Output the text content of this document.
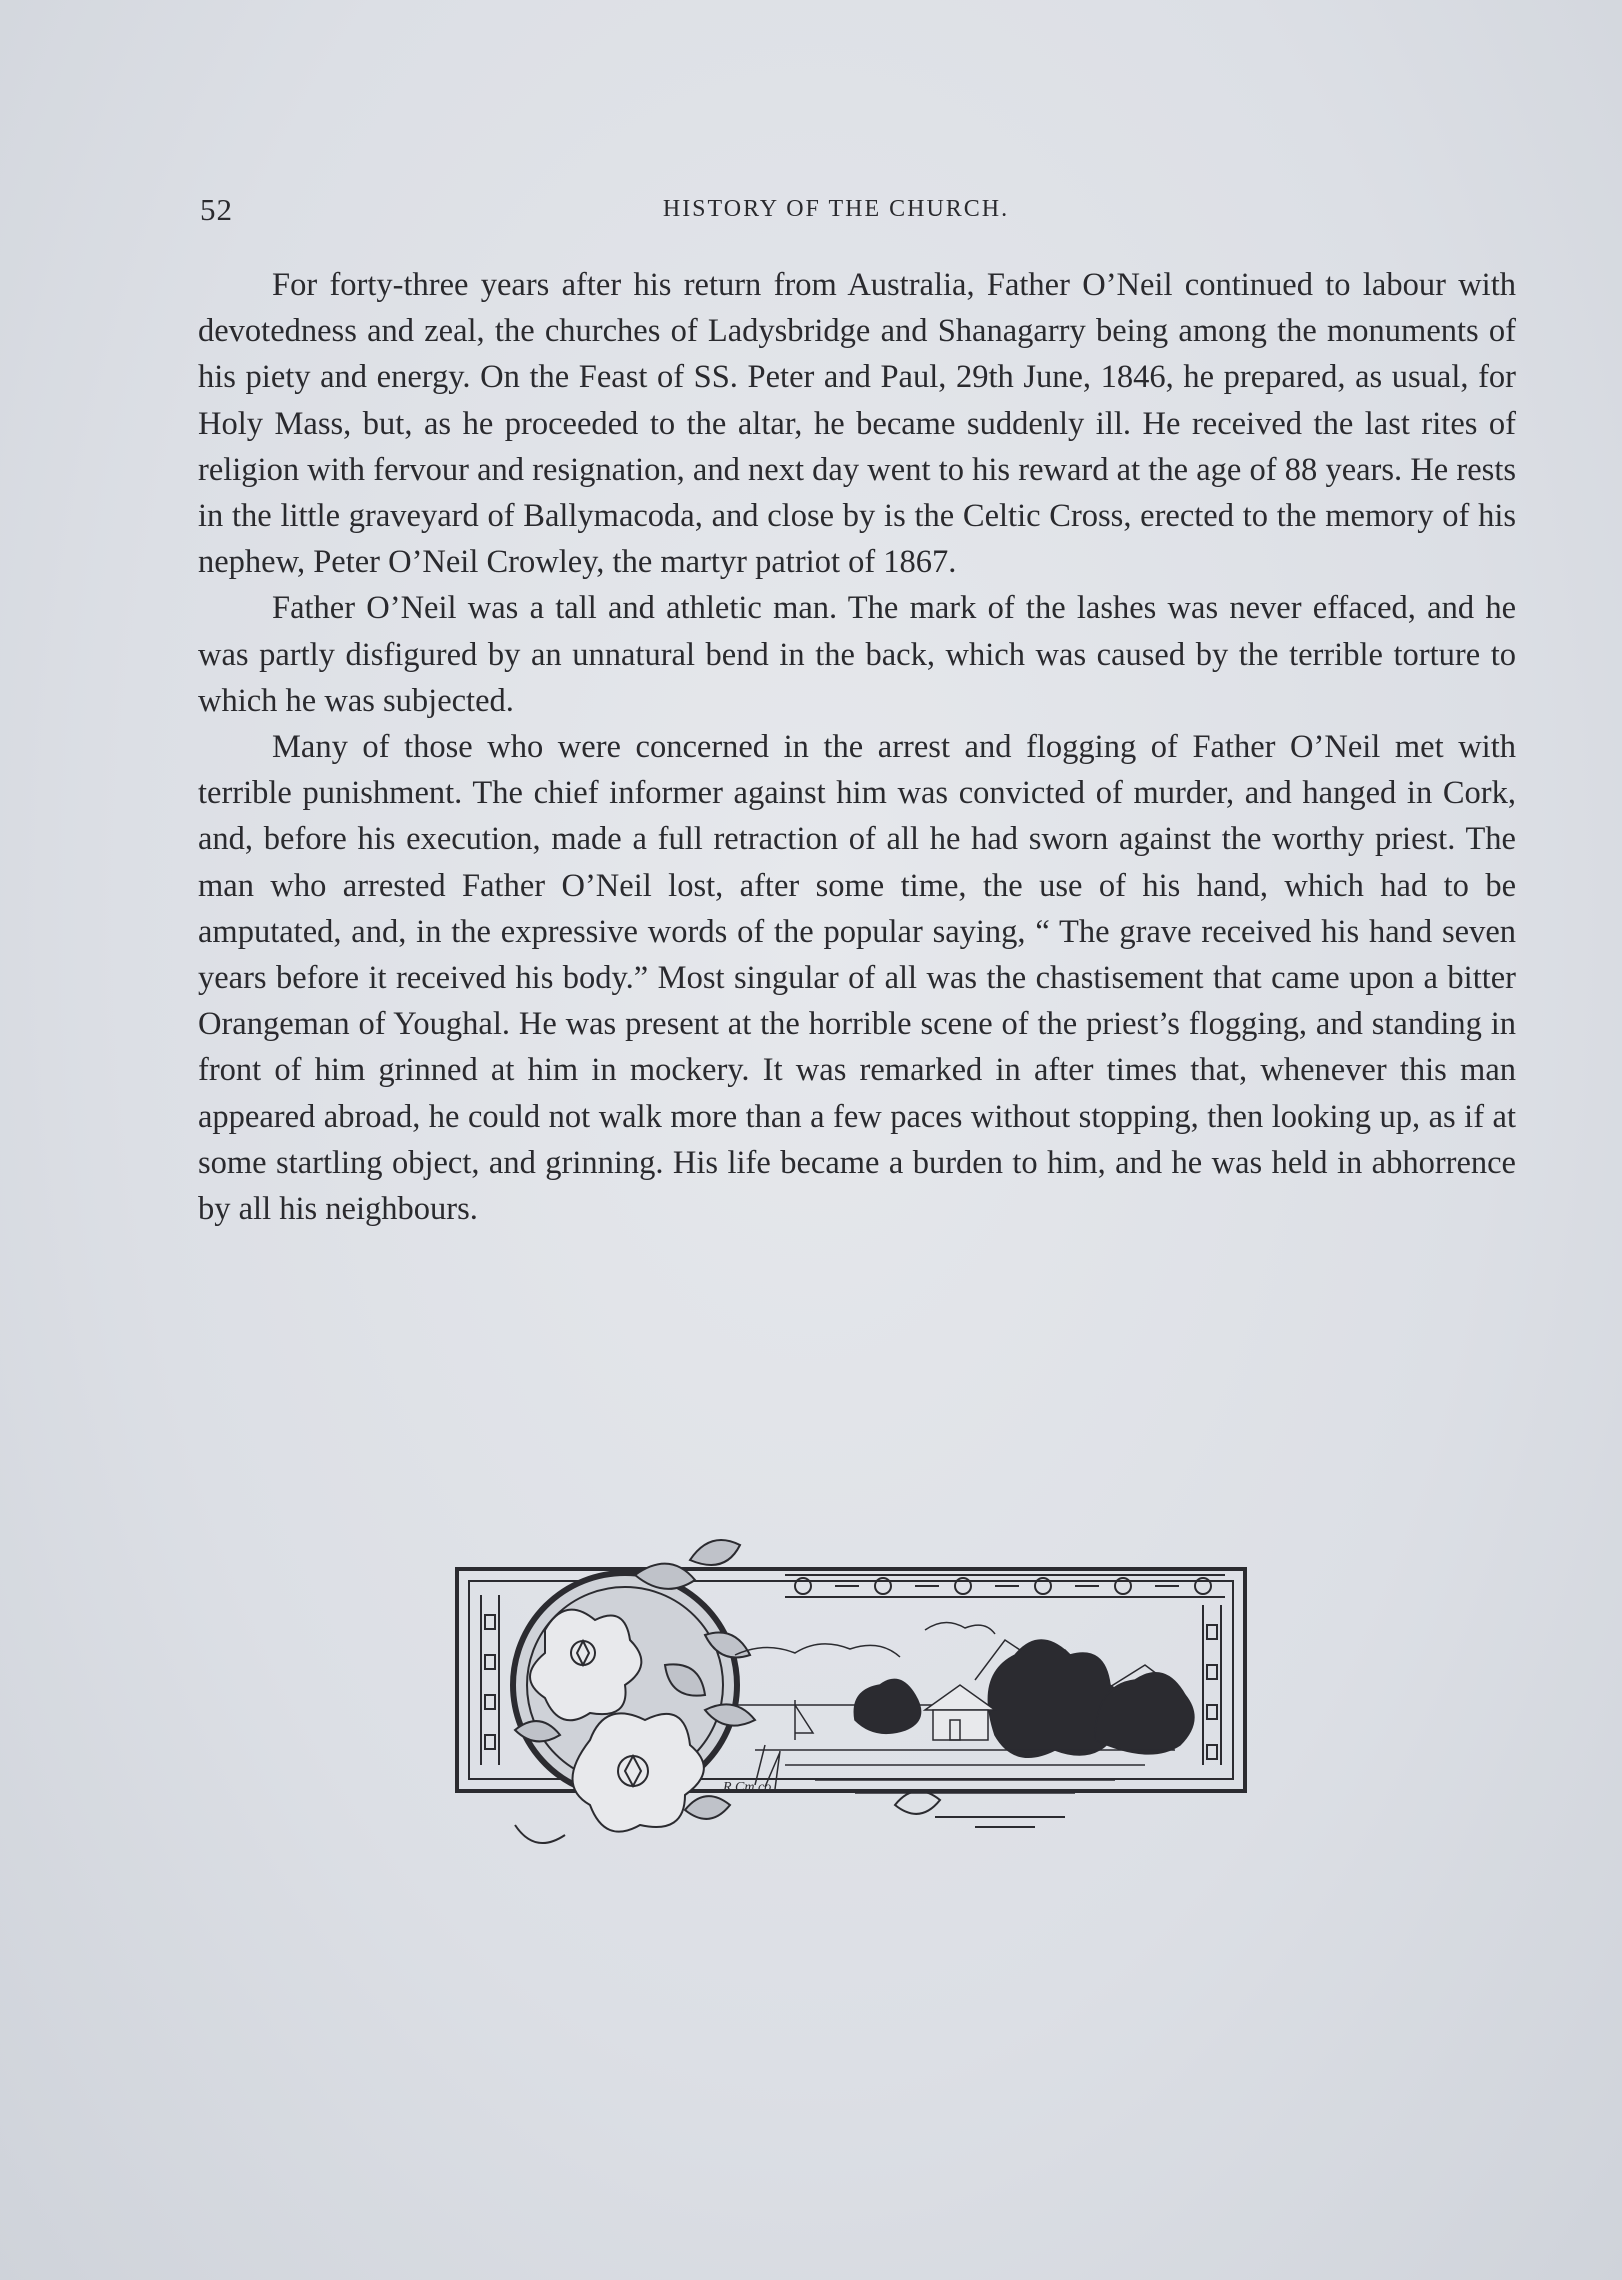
52	HISTORY OF THE CHURCH.

For forty-three years after his return from Australia, Father O’Neil continued to labour with devotedness and zeal, the churches of Ladysbridge and Shanagarry being among the monuments of his piety and energy. On the Feast of SS. Peter and Paul, 29th June, 1846, he prepared, as usual, for Holy Mass, but, as he proceeded to the altar, he became suddenly ill. He received the last rites of religion with fervour and resignation, and next day went to his reward at the age of 88 years. He rests in the little graveyard of Ballymacoda, and close by is the Celtic Cross, erected to the memory of his nephew, Peter O’Neil Crowley, the martyr patriot of 1867.

Father O’Neil was a tall and athletic man. The mark of the lashes was never effaced, and he was partly disfigured by an unnatural bend in the back, which was caused by the terrible torture to which he was subjected.

Many of those who were concerned in the arrest and flogging of Father O’Neil met with terrible punishment. The chief informer against him was convicted of murder, and hanged in Cork, and, before his execution, made a full retraction of all he had sworn against the worthy priest. The man who arrested Father O’Neil lost, after some time, the use of his hand, which had to be amputated, and, in the expressive words of the popular saying, “ The grave received his hand seven years before it received his body.” Most singular of all was the chastisement that came upon a bitter Orangeman of Youghal. He was present at the horrible scene of the priest’s flogging, and standing in front of him grinned at him in mockery. It was remarked in after times that, whenever this man appeared abroad, he could not walk more than a few paces without stopping, then looking up, as if at some startling object, and grinning. His life became a burden to him, and he was held in abhorrence by all his neighbours.

R.Cm.co.
